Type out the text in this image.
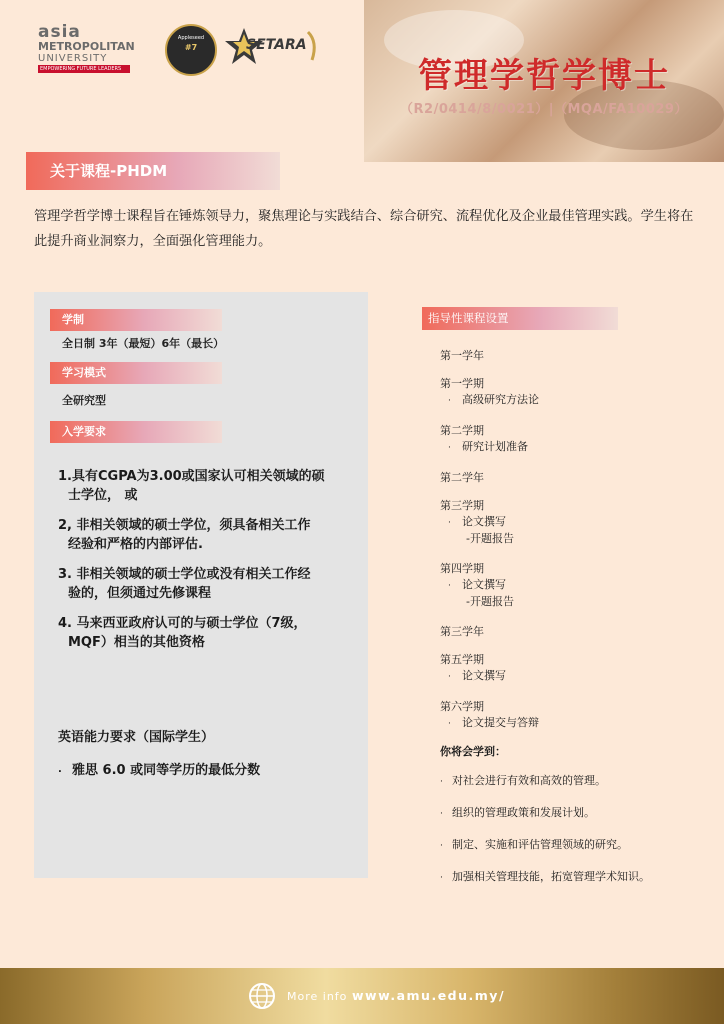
asia
METROPOLITAN
UNIVERSITY
EMPOWERING FUTURE LEADERS
Appleseed
#7	SETARA
管理学哲学博士
（R2/0414/8/0021）|（MQA/FA10029）
关于课程-PHDM
管理学哲学博士课程旨在锤炼领导力，聚焦理论与实践结合、综合研究、流程优化及企业最佳管理实践。学生将在此提升商业洞察力，全面强化管理能力。
学制
全日制 3年（最短）6年（最长）
学习模式
全研究型
入学要求
1.具有CGPA为3.00或国家认可相关领域的硕
士学位， 或
2, 非相关领域的硕士学位，须具备相关工作
经验和严格的内部评估.
3. 非相关领域的硕士学位或没有相关工作经
验的，但须通过先修课程
4. 马来西亚政府认可的与硕士学位（7级，
MQF）相当的其他资格
英语能力要求（国际学生）
. 雅思 6.0 或同等学历的最低分数
指导性课程设置
第一学年
第一学期
· 高级研究方法论
第二学期
· 研究计划准备
第二学年
第三学期
· 论文撰写
-开题报告
第四学期
· 论文撰写
-开题报告
第三学年
第五学期
· 论文撰写
第六学期
· 论文提交与答辩
你将会学到：
· 对社会进行有效和高效的管理。
· 组织的管理政策和发展计划。
· 制定、实施和评估管理领域的研究。
· 加强相关管理技能，拓宽管理学术知识。
More info www.amu.edu.my/
